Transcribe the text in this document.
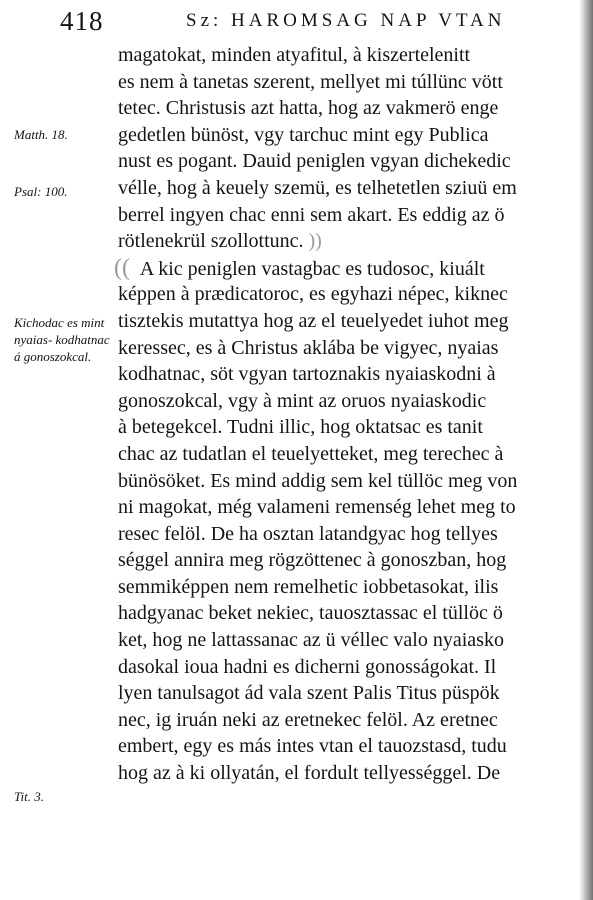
418	Sz: HAROMSAG NAP VTAN
Matth. 18.
Psal: 100.
Kichodac es mint nyaias- kodhatnac á gonoszokcal.
Tit. 3.
magatokat, minden atyafitul, à kiszertelenitt
es nem à tanetas szerent, mellyet mi túllünc vött
tetec. Christusis azt hatta, hog az vakmerö enge
gedetlen bünöst, vgy tarchuc mint egy Publica
nust es pogant. Dauid peniglen vgyan dichekedic
vélle, hog à keuely szemü, es telhetetlen sziuü em
berrel ingyen chac enni sem akart. Es eddig az ö
rötlenekrül szollottunc. ))
(( A kic peniglen vastagbac es tudosoc, kiuált
képpen à prædicatoroc, es egyhazi népec, kiknec
tisztekis mutattya hog az el teuelyedet iuhot meg
keressec, es à Christus aklába be vigyec, nyaias
kodhatnac, söt vgyan tartoznakis nyaiaskodni à
gonoszokcal, vgy à mint az oruos nyaiaskodic
à betegekcel. Tudni illic, hog oktatsac es tanit
chac az tudatlan el teuelyetteket, meg terechec à
bünösöket. Es mind addig sem kel tüllöc meg von
ni magokat, még valameni remenség lehet meg to
resec felöl. De ha osztan latandgyac hog tellyes
séggel annira meg rögzöttenec à gonoszban, hog
semmiképpen nem remelhetic iobbetasokat, ilis
hadgyanac beket nekiec, tauosztassac el tüllöc ö
ket, hog ne lattassanac az ü véllec valo nyaiasko
dasokal ioua hadni es dicherni gonosságokat. Il
lyen tanulsagot ád vala szent Palis Titus püspök
nec, ig iruán neki az eretnekec felöl. Az eretnec
embert, egy es más intes vtan el tauozstasd, tudu
hog az à ki ollyatán, el fordult tellyességgel. De
